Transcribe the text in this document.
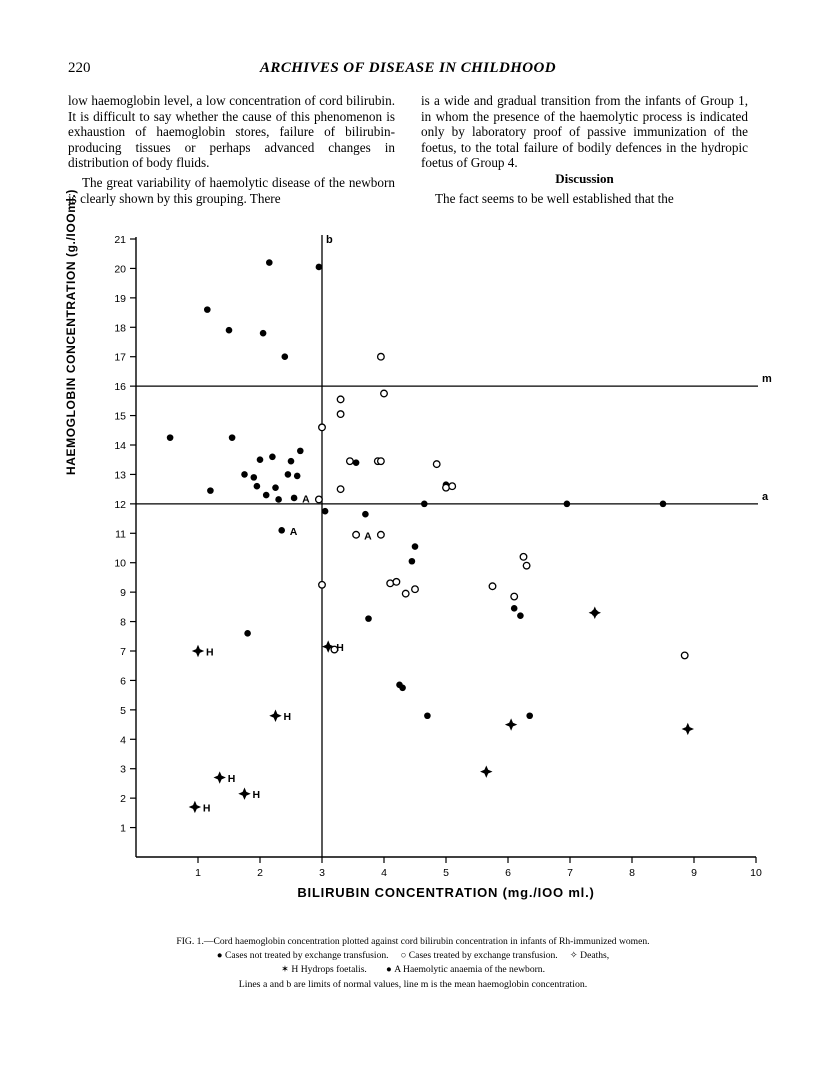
220	ARCHIVES OF DISEASE IN CHILDHOOD

low haemoglobin level, a low concentration of cord bilirubin. It is difficult to say whether the cause of this phenomenon is exhaustion of haemoglobin stores, failure of bilirubin-producing tissues or perhaps advanced changes in distribution of body fluids.

The great variability of haemolytic disease of the newborn is clearly shown by this grouping. There

is a wide and gradual transition from the infants of Group 1, in whom the presence of the haemolytic process is indicated only by laboratory proof of passive immunization of the foetus, to the total failure of bodily defences in the hydropic foetus of Group 4.

Discussion

The fact seems to be well established that the

HAEMOGLOBIN CONCENTRATION (g./IOOml.)
1
2
3
4
5
6
7
8
9
10
11
12
13
14
15
16
17
18
19
20
21
1	2	3	4	5	6	7	8	9	10
m
a
b
H
H
H
H
H
H
A
A	A
BILIRUBIN CONCENTRATION (mg./IOO ml.)
FIG. 1.—Cord haemoglobin concentration plotted against cord bilirubin concentration in infants of Rh-immunized women.
● Cases not treated by exchange transfusion. ○ Cases treated by exchange transfusion. ✧ Deaths,
✶ H Hydrops foetalis. ● A Haemolytic anaemia of the newborn.
Lines a and b are limits of normal values, line m is the mean haemoglobin concentration.
